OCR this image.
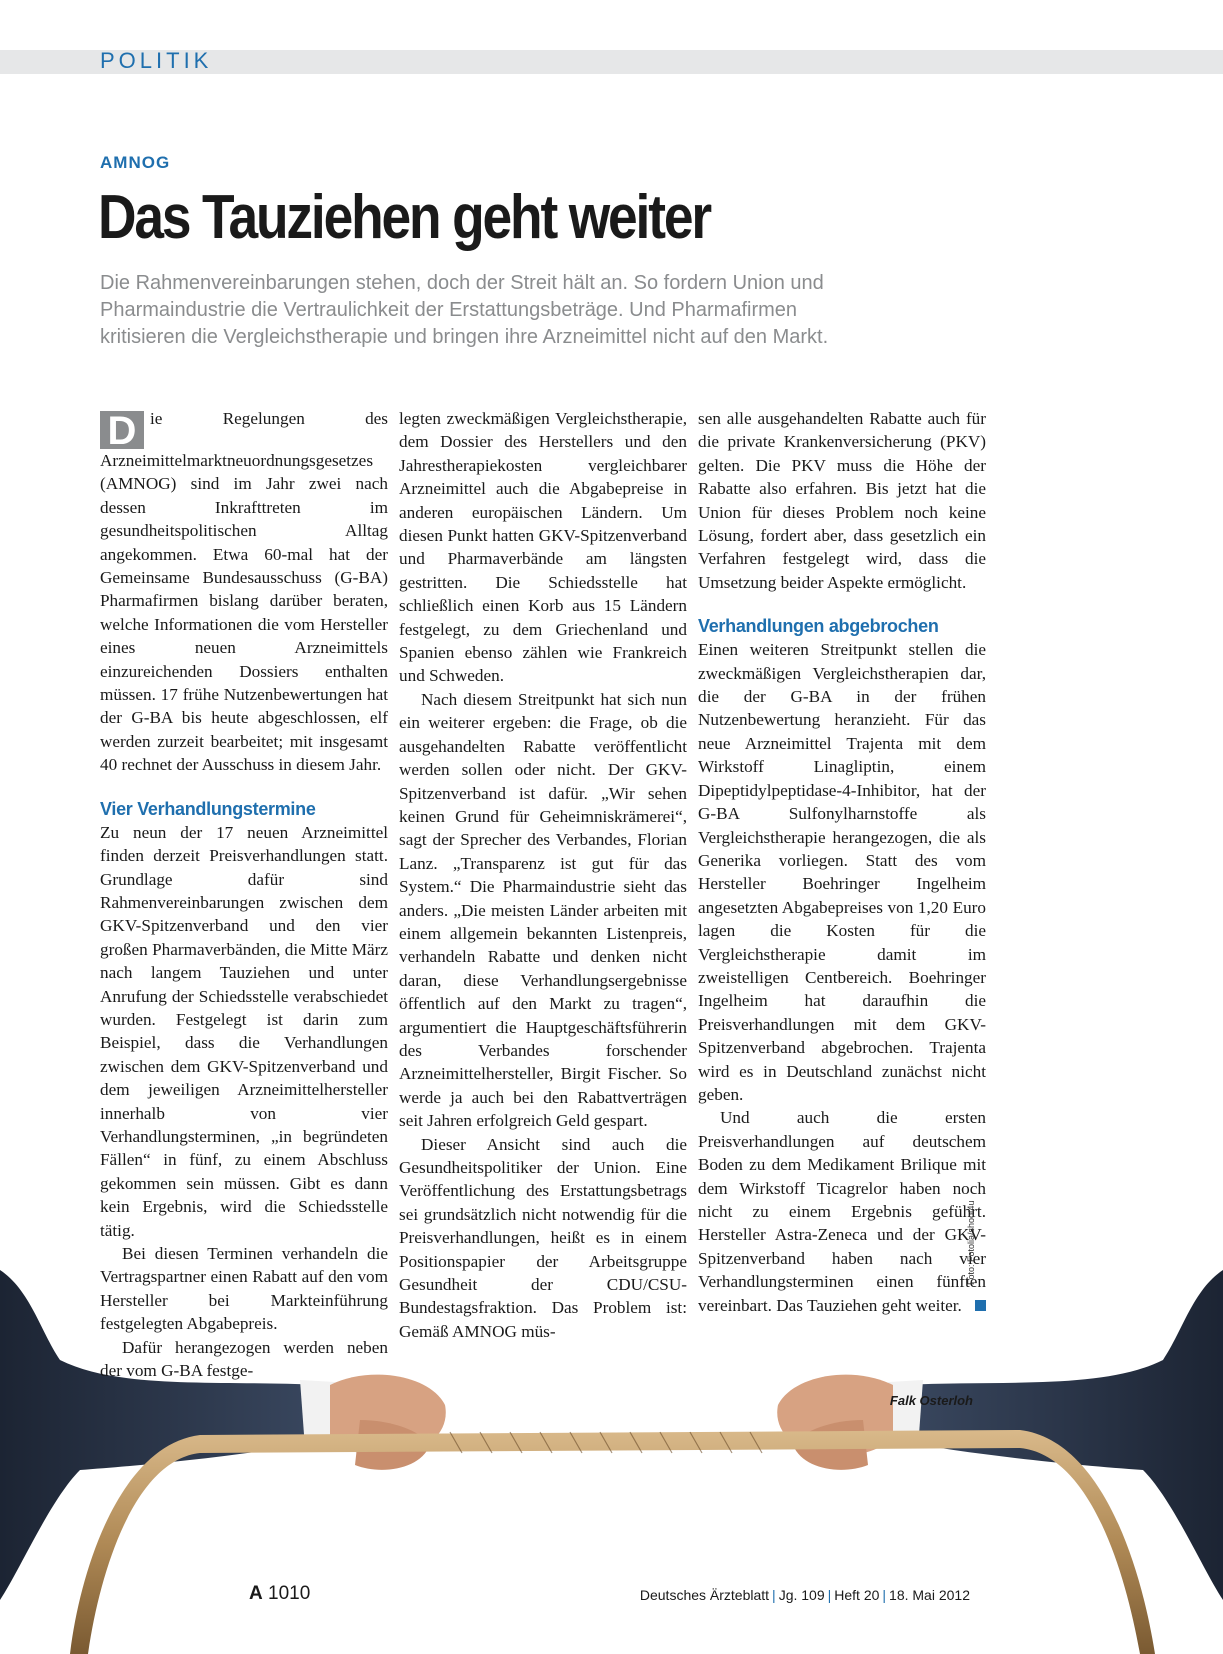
POLITIK
AMNOG
Das Tauziehen geht weiter
Die Rahmenvereinbarungen stehen, doch der Streit hält an. So fordern Union und
Pharmaindustrie die Vertraulichkeit der Erstattungsbeträge. Und Pharmafirmen
kritisieren die Vergleichstherapie und bringen ihre Arzneimittel nicht auf den Markt.

D ie Regelungen des Arzneimittelmarktneuordnungsgesetzes (AMNOG) sind im Jahr zwei nach dessen Inkrafttreten im gesundheitspolitischen Alltag angekommen. Etwa 60-mal hat der Gemeinsame Bundesausschuss (G-BA) Pharmafirmen bislang darüber beraten, welche Informationen die vom Hersteller eines neuen Arzneimittels einzureichenden Dossiers enthalten müssen. 17 frühe Nutzenbewertungen hat der G-BA bis heute abgeschlossen, elf werden zurzeit bearbeitet; mit insgesamt 40 rechnet der Ausschuss in diesem Jahr.

Vier Verhandlungstermine

Zu neun der 17 neuen Arzneimittel finden derzeit Preisverhandlungen statt. Grundlage dafür sind Rahmenvereinbarungen zwischen dem GKV-Spitzenverband und den vier großen Pharmaverbänden, die Mitte März nach langem Tauziehen und unter Anrufung der Schiedsstelle verabschiedet wurden. Festgelegt ist darin zum Beispiel, dass die Verhandlungen zwischen dem GKV-Spitzenverband und dem jeweiligen Arzneimittelhersteller innerhalb von vier Verhandlungsterminen, „in begründeten Fällen“ in fünf, zu einem Abschluss gekommen sein müssen. Gibt es dann kein Ergebnis, wird die Schiedsstelle tätig.

Bei diesen Terminen verhandeln die Vertragspartner einen Rabatt auf den vom Hersteller bei Markteinführung festgelegten Abgabepreis.

Dafür herangezogen werden neben der vom G-BA festge-

legten zweckmäßigen Vergleichstherapie, dem Dossier des Herstellers und den Jahrestherapiekosten vergleichbarer Arzneimittel auch die Abgabepreise in anderen europäischen Ländern. Um diesen Punkt hatten GKV-Spitzenverband und Pharmaverbände am längsten gestritten. Die Schiedsstelle hat schließlich einen Korb aus 15 Ländern festgelegt, zu dem Griechenland und Spanien ebenso zählen wie Frankreich und Schweden.

Nach diesem Streitpunkt hat sich nun ein weiterer ergeben: die Frage, ob die ausgehandelten Rabatte veröffentlicht werden sollen oder nicht. Der GKV-Spitzenverband ist dafür. „Wir sehen keinen Grund für Geheimniskrämerei“, sagt der Sprecher des Verbandes, Florian Lanz. „Transparenz ist gut für das System.“ Die Pharmaindustrie sieht das anders. „Die meisten Länder arbeiten mit einem allgemein bekannten Listenpreis, verhandeln Rabatte und denken nicht daran, diese Verhandlungsergebnisse öffentlich auf den Markt zu tragen“, argumentiert die Hauptgeschäftsführerin des Verbandes forschender Arzneimittelhersteller, Birgit Fischer. So werde ja auch bei den Rabattverträgen seit Jahren erfolgreich Geld gespart.

Dieser Ansicht sind auch die Gesundheitspolitiker der Union. Eine Veröffentlichung des Erstattungsbetrags sei grundsätzlich nicht notwendig für die Preisverhandlungen, heißt es in einem Positionspapier der Arbeitsgruppe Gesundheit der CDU/CSU-Bundestagsfraktion. Das Problem ist: Gemäß AMNOG müs-

sen alle ausgehandelten Rabatte auch für die private Krankenversicherung (PKV) gelten. Die PKV muss die Höhe der Rabatte also erfahren. Bis jetzt hat die Union für dieses Problem noch keine Lösung, fordert aber, dass gesetzlich ein Verfahren festgelegt wird, dass die Umsetzung beider Aspekte ermöglicht.

Verhandlungen abgebrochen

Einen weiteren Streitpunkt stellen die zweckmäßigen Vergleichstherapien dar, die der G-BA in der frühen Nutzenbewertung heranzieht. Für das neue Arzneimittel Trajenta mit dem Wirkstoff Linagliptin, einem Dipeptidylpeptidase-4-Inhibitor, hat der G-BA Sulfonylharnstoffe als Vergleichstherapie herangezogen, die als Generika vorliegen. Statt des vom Hersteller Boehringer Ingelheim angesetzten Abgabepreises von 1,20 Euro lagen die Kosten für die Vergleichstherapie damit im zweistelligen Centbereich. Boehringer Ingelheim hat daraufhin die Preisverhandlungen mit dem GKV-Spitzenverband abgebrochen. Trajenta wird es in Deutschland zunächst nicht geben.

Und auch die ersten Preisverhandlungen auf deutschem Boden zu dem Medikament Brilique mit dem Wirkstoff Ticagrelor haben noch nicht zu einem Ergebnis geführt. Hersteller Astra-Zeneca und der GKV-Spitzenverband haben nach vier Verhandlungsterminen einen fünften vereinbart. Das Tauziehen geht weiter.

Falk Osterloh
Foto: Fotolia/shoot4u
A 1010	Deutsches Ärzteblatt | Jg. 109 | Heft 20 | 18. Mai 2012
